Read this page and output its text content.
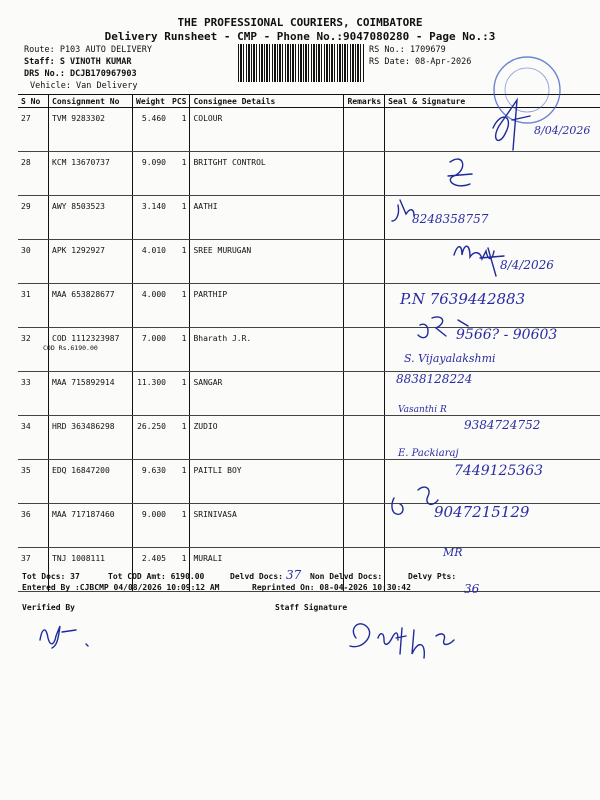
THE PROFESSIONAL COURIERS, COIMBATORE
Delivery Runsheet - CMP - Phone No.:9047080280 - Page No.:3
Route: P103 AUTO DELIVERY
Staff: S VINOTH KUMAR
DRS No.: DCJB170967903
Vehicle: Van Delivery
RS No.: 1709679
RS Date: 08-Apr-2026
S No	Consignment No	Weight	PCS	Consignee Details	Remarks	Seal & Signature
27	TVM 9283302	5.460	1	COLOUR		
28	KCM 13670737	9.090	1	BRITGHT CONTROL		
29	AWY 8503523	3.140	1	AATHI		
30	APK 1292927	4.010	1	SREE MURUGAN		
31	MAA 653828677	4.000	1	PARTHIP		
32	COD 1112323987	7.000	1	Bharath J.R.		
33	MAA 715892914	11.300	1	SANGAR		
34	HRD 363486298	26.250	1	ZUDIO		
35	EDQ 16847200	9.630	1	PAITLI BOY		
36	MAA 717187460	9.000	1	SRINIVASA		
37	TNJ 1008111	2.405	1	MURALI		
COD Rs.6190.00
8/04/2026
8248358757
8/4/2026
P.N 7639442883
9566? - 90603
S. Vijayalakshmi
8838128224
Vasanthi R
9384724752
E. Packiaraj
7449125363
9047215129
MR
Tot Docs: 37	Tot COD Amt: 6190.00	Delvd Docs: 37 Non Delvd Docs:	Delvy Pts:
36
Entered By :CJBCMP 04/08/2026 10:09:12 AM	Reprinted On: 08-04-2026 10:30:42
Verified By	Staff Signature
